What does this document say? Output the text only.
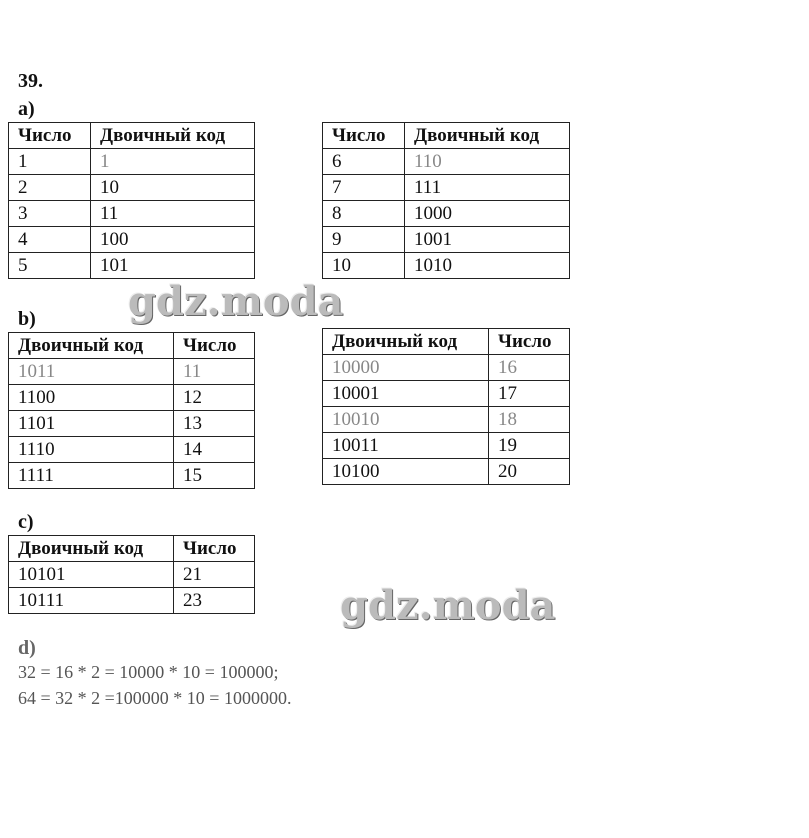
39.
a)
Число	Двоичный код
1	1
2	10
3	11
4	100
5	101
Число	Двоичный код
6	110
7	111
8	1000
9	1001
10	1010
gdz.moda
b)
Двоичный код	Число
1011	11
1100	12
1101	13
1110	14
1111	15
Двоичный код	Число
10000	16
10001	17
10010	18
10011	19
10100	20
c)
Двоичный код	Число
10101	21
10111	23	gdz.moda
d)
32 = 16 * 2 = 10000 * 10 = 100000;
64 = 32 * 2 =100000 * 10 = 1000000.
